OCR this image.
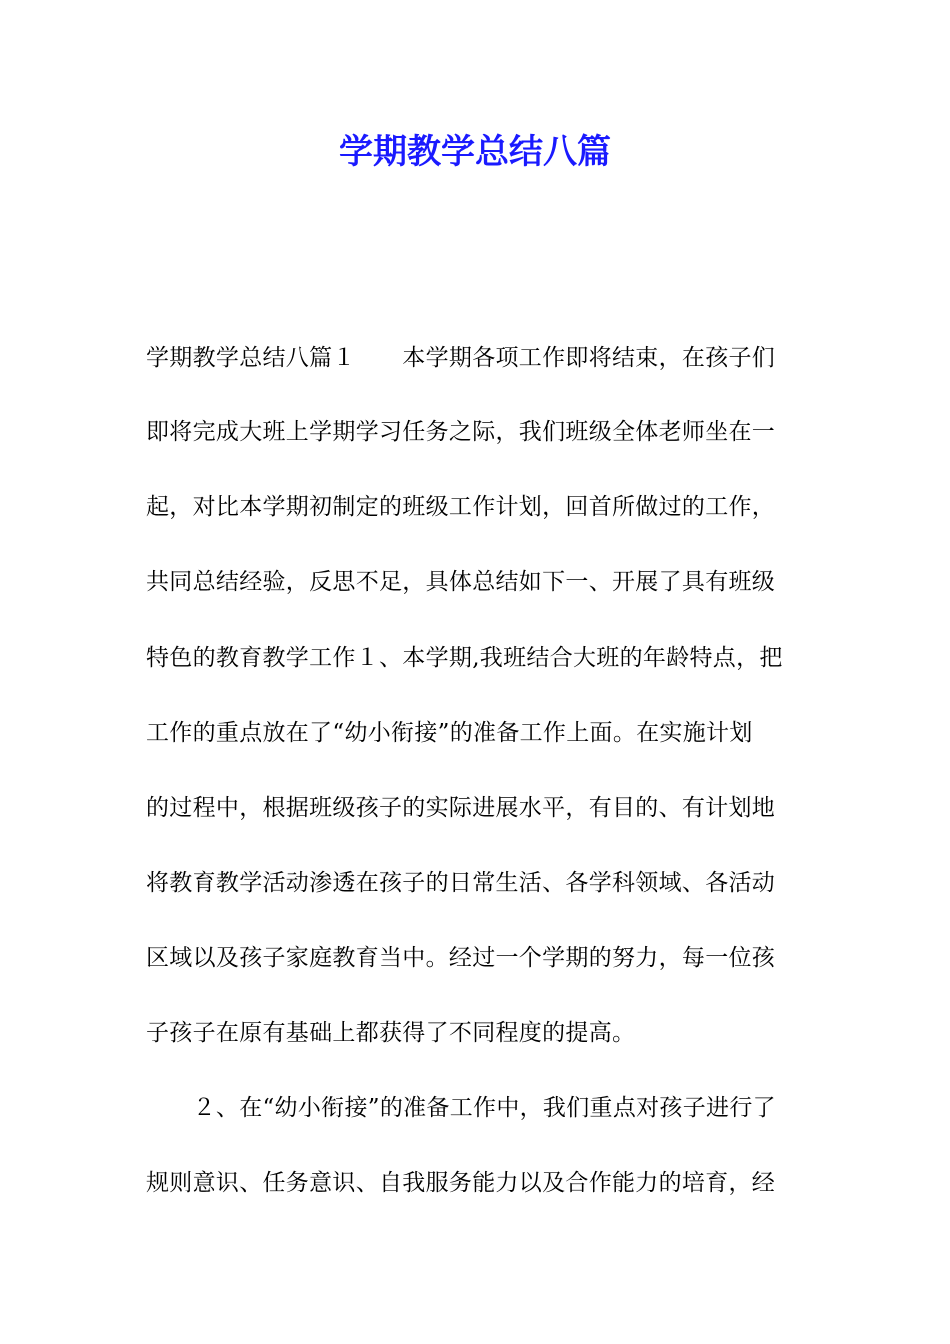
学期教学总结八篇
学期教学总结八篇１　　本学期各项工作即将结束，在孩子们
即将完成大班上学期学习任务之际，我们班级全体老师坐在一
起，对比本学期初制定的班级工作计划，回首所做过的工作，
共同总结经验，反思不足，具体总结如下一、开展了具有班级
特色的教育教学工作１、本学期,我班结合大班的年龄特点，把
工作的重点放在了“幼小衔接”的准备工作上面。在实施计划
的过程中，根据班级孩子的实际进展水平，有目的、有计划地
将教育教学活动渗透在孩子的日常生活、各学科领域、各活动
区域以及孩子家庭教育当中。经过一个学期的努力，每一位孩
子孩子在原有基础上都获得了不同程度的提高。
　　２、在“幼小衔接”的准备工作中，我们重点对孩子进行了
规则意识、任务意识、自我服务能力以及合作能力的培育，经
